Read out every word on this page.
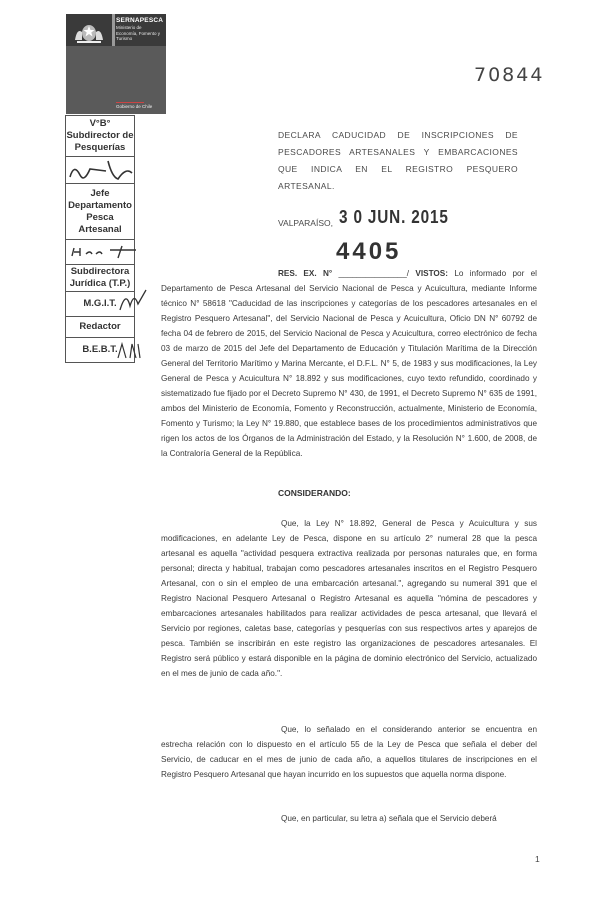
SERNAPESCA
Ministerio de Economía, Fomento y Turismo
Gobierno de Chile
70844
V°B° Subdirector de Pesquerías

Jefe Departamento Pesca Artesanal

Subdirectora Jurídica (T.P.)
M.G.I.T.

Redactor
B.E.B.T.
DECLARA CADUCIDAD DE INSCRIPCIONES DE PESCADORES ARTESANALES Y EMBARCACIONES QUE INDICA EN EL REGISTRO PESQUERO ARTESANAL.
VALPARAÍSO, 3 0 JUN. 2015
4405
RES. EX. N° _______________/ VISTOS: Lo informado por el Departamento de Pesca Artesanal del Servicio Nacional de Pesca y Acuicultura, mediante Informe técnico N° 58618 "Caducidad de las inscripciones y categorías de los pescadores artesanales en el Registro Pesquero Artesanal", del Servicio Nacional de Pesca y Acuicultura, Oficio DN N° 60792 de fecha 04 de febrero de 2015, del Servicio Nacional de Pesca y Acuicultura, correo electrónico de fecha 03 de marzo de 2015 del Jefe del Departamento de Educación y Titulación Marítima de la Dirección General del Territorio Marítimo y Marina Mercante, el D.F.L. N° 5, de 1983 y sus modificaciones, la Ley General de Pesca y Acuicultura N° 18.892 y sus modificaciones, cuyo texto refundido, coordinado y sistematizado fue fijado por el Decreto Supremo N° 430, de 1991, el Decreto Supremo N° 635 de 1991, ambos del Ministerio de Economía, Fomento y Reconstrucción, actualmente, Ministerio de Economía, Fomento y Turismo; la Ley N° 19.880, que establece bases de los procedimientos administrativos que rigen los actos de los Órganos de la Administración del Estado, y la Resolución N° 1.600, de 2008, de la Contraloría General de la República.
CONSIDERANDO:
Que, la Ley N° 18.892, General de Pesca y Acuicultura y sus modificaciones, en adelante Ley de Pesca, dispone en su artículo 2° numeral 28 que la pesca artesanal es aquella "actividad pesquera extractiva realizada por personas naturales que, en forma personal; directa y habitual, trabajan como pescadores artesanales inscritos en el Registro Pesquero Artesanal, con o sin el empleo de una embarcación artesanal.", agregando su numeral 391 que el Registro Nacional Pesquero Artesanal o Registro Artesanal es aquella "nómina de pescadores y embarcaciones artesanales habilitados para realizar actividades de pesca artesanal, que llevará el Servicio por regiones, caletas base, categorías y pesquerías con sus respectivos artes y aparejos de pesca. También se inscribirán en este registro las organizaciones de pescadores artesanales. El Registro será público y estará disponible en la página de dominio electrónico del Servicio, actualizado en el mes de junio de cada año.".
Que, lo señalado en el considerando anterior se encuentra en estrecha relación con lo dispuesto en el artículo 55 de la Ley de Pesca que señala el deber del Servicio, de caducar en el mes de junio de cada año, a aquellos titulares de inscripciones en el Registro Pesquero Artesanal que hayan incurrido en los supuestos que aquella norma dispone.
Que, en particular, su letra a) señala que el Servicio deberá
1
